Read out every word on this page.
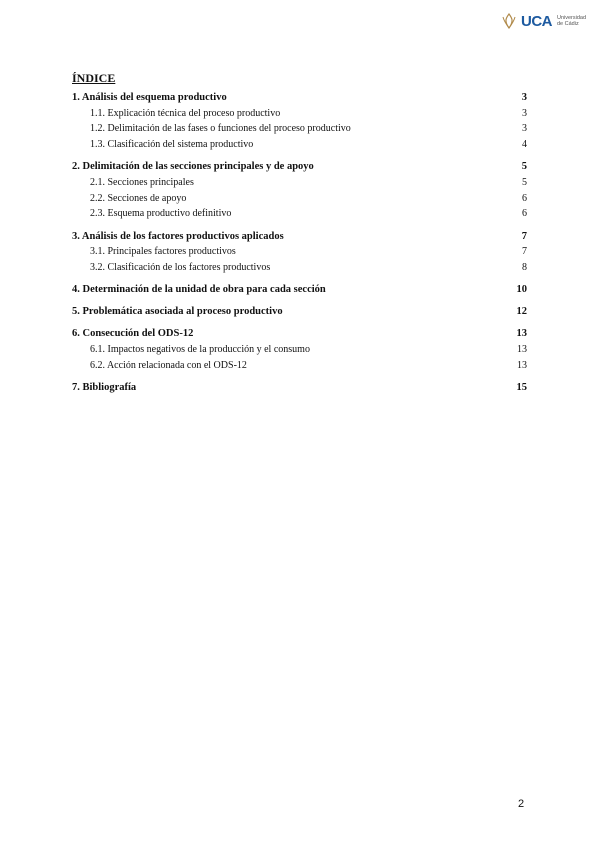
UCA Universidad
de Cádiz
ÍNDICE
1. Análisis del esquema productivo	3
1.1. Explicación técnica del proceso productivo	3
1.2. Delimitación de las fases o funciones del proceso productivo	3
1.3. Clasificación del sistema productivo	4
2. Delimitación de las secciones principales y de apoyo	5
2.1. Secciones principales	5
2.2. Secciones de apoyo	6
2.3. Esquema productivo definitivo	6
3. Análisis de los factores productivos aplicados	7
3.1. Principales factores productivos	7
3.2. Clasificación de los factores productivos	8
4. Determinación de la unidad de obra para cada sección	10
5. Problemática asociada al proceso productivo	12
6. Consecución del ODS-12	13
6.1. Impactos negativos de la producción y el consumo	13
6.2. Acción relacionada con el ODS-12	13
7. Bibliografía	15
2
